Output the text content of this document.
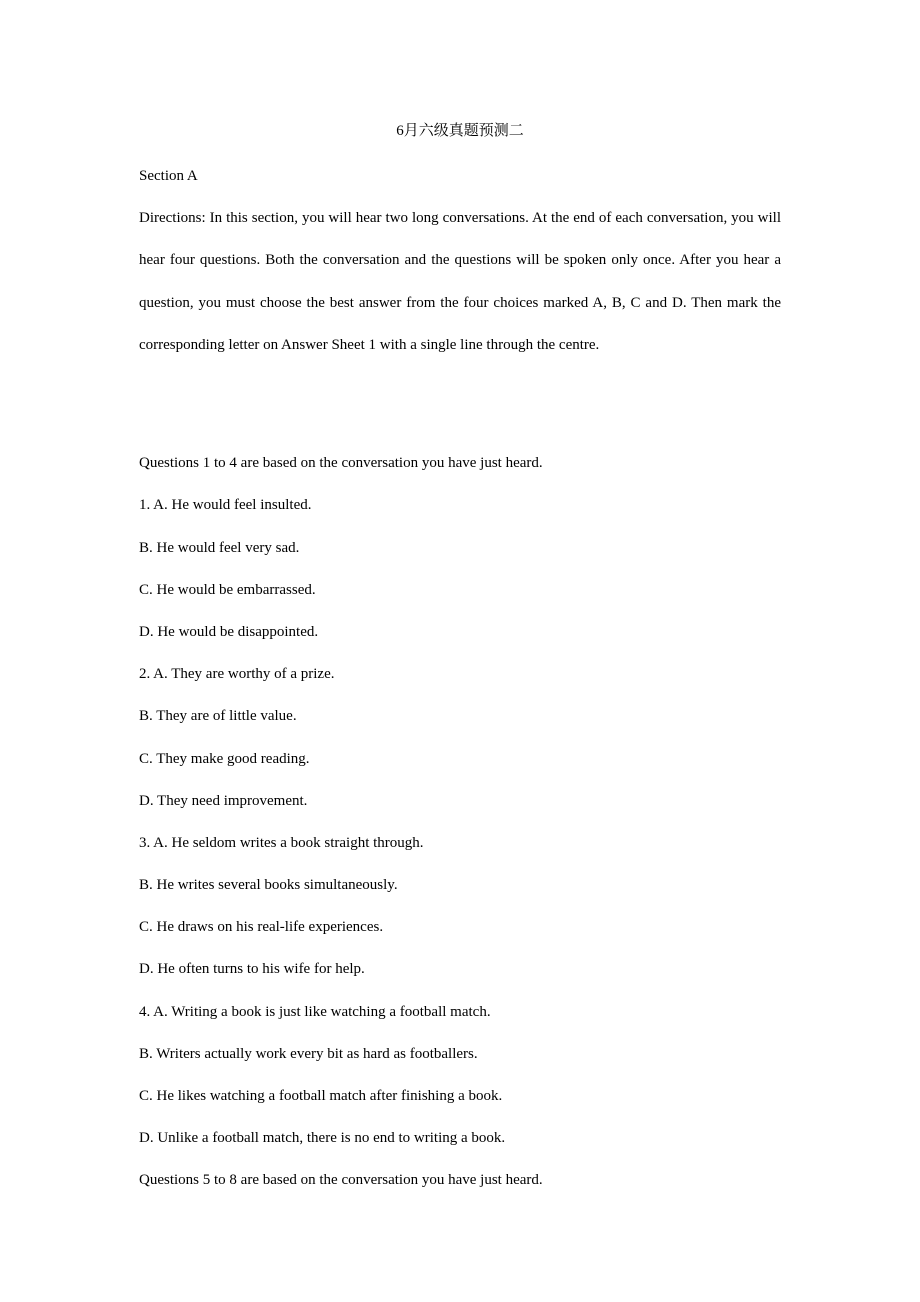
6月六级真题预测二
Section A
Directions: In this section, you will hear two long conversations. At the end of each conversation, you will hear four questions. Both the conversation and the questions will be spoken only once. After you hear a question, you must choose the best answer from the four choices marked A, B, C and D. Then mark the corresponding letter on Answer Sheet 1 with a single line through the centre.
Questions 1 to 4 are based on the conversation you have just heard.
1. A. He would feel insulted.
B. He would feel very sad.
C. He would be embarrassed.
D. He would be disappointed.
2. A. They are worthy of a prize.
B. They are of little value.
C. They make good reading.
D. They need improvement.
3. A. He seldom writes a book straight through.
B. He writes several books simultaneously.
C. He draws on his real-life experiences.
D. He often turns to his wife for help.
4. A. Writing a book is just like watching a football match.
B. Writers actually work every bit as hard as footballers.
C. He likes watching a football match after finishing a book.
D. Unlike a football match, there is no end to writing a book.
Questions 5 to 8 are based on the conversation you have just heard.
